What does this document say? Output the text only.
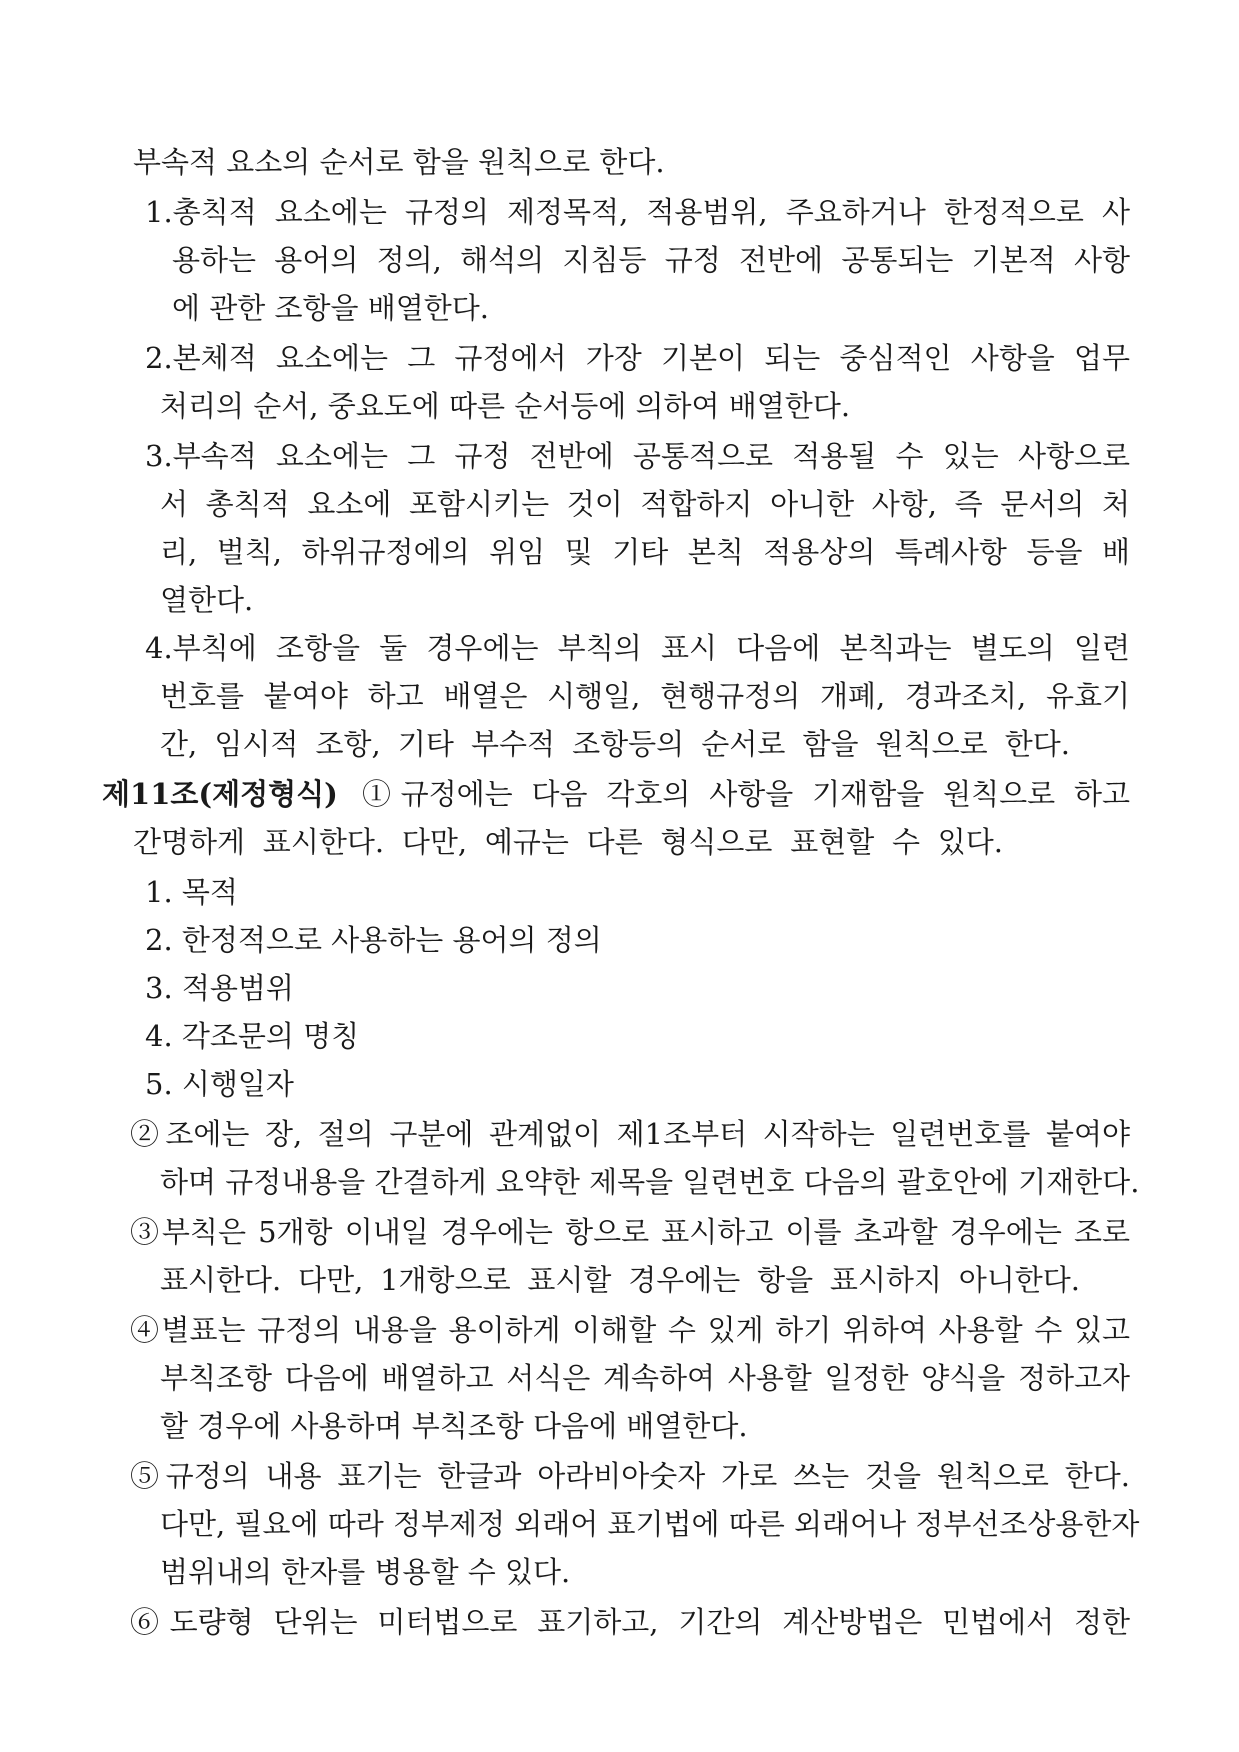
부속적 요소의 순서로 함을 원칙으로 한다.
1.총칙적 요소에는 규정의 제정목적, 적용범위, 주요하거나 한정적으로 사
용하는 용어의 정의, 해석의 지침등 규정 전반에 공통되는 기본적 사항
에 관한 조항을 배열한다.
2.본체적 요소에는 그 규정에서 가장 기본이 되는 중심적인 사항을 업무
처리의 순서, 중요도에 따른 순서등에 의하여 배열한다.
3.부속적 요소에는 그 규정 전반에 공통적으로 적용될 수 있는 사항으로
서 총칙적 요소에 포함시키는 것이 적합하지 아니한 사항, 즉 문서의 처
리, 벌칙, 하위규정에의 위임 및 기타 본칙 적용상의 특례사항 등을 배
열한다.
4.부칙에 조항을 둘 경우에는 부칙의 표시 다음에 본칙과는 별도의 일련
번호를 붙여야 하고 배열은 시행일, 현행규정의 개폐, 경과조치, 유효기
간, 임시적 조항, 기타 부수적 조항등의 순서로 함을 원칙으로 한다.
제11조(제정형식) ①규정에는 다음 각호의 사항을 기재함을 원칙으로 하고
간명하게 표시한다. 다만, 예규는 다른 형식으로 표현할 수 있다.
1. 목적
2. 한정적으로 사용하는 용어의 정의
3. 적용범위
4. 각조문의 명칭
5. 시행일자
②조에는 장, 절의 구분에 관계없이 제1조부터 시작하는 일련번호를 붙여야
하며 규정내용을 간결하게 요약한 제목을 일련번호 다음의 괄호안에 기재한다.
③부칙은 5개항 이내일 경우에는 항으로 표시하고 이를 초과할 경우에는 조로
표시한다. 다만, 1개항으로 표시할 경우에는 항을 표시하지 아니한다.
④별표는 규정의 내용을 용이하게 이해할 수 있게 하기 위하여 사용할 수 있고
부칙조항 다음에 배열하고 서식은 계속하여 사용할 일정한 양식을 정하고자
할 경우에 사용하며 부칙조항 다음에 배열한다.
⑤규정의 내용 표기는 한글과 아라비아숫자 가로 쓰는 것을 원칙으로 한다.
다만, 필요에 따라 정부제정 외래어 표기법에 따른 외래어나 정부선조상용한자
범위내의 한자를 병용할 수 있다.
⑥도량형 단위는 미터법으로 표기하고, 기간의 계산방법은 민법에서 정한
